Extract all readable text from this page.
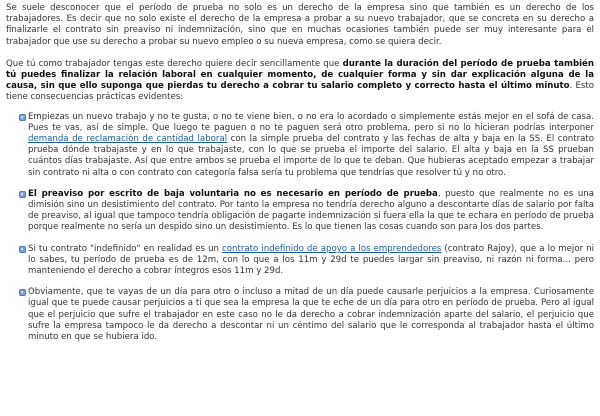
Se suele desconocer que el período de prueba no solo es un derecho de la empresa sino que también es un derecho de los trabajadores. Es decir que no solo existe el derecho de la empresa a probar a su nuevo trabajador, que se concreta en su derecho a finalizarle el contrato sin preaviso ni indemnización, sino que en muchas ocasiones también puede ser muy interesante para el trabajador que use su derecho a probar su nuevo empleo o su nueva empresa, como se quiera decir.

Que tú como trabajador tengas este derecho quiere decir sencillamente que durante la duración del período de prueba también tú puedes finalizar la relación laboral en cualquier momento, de cualquier forma y sin dar explicación alguna de la causa, sin que ello suponga que pierdas tu derecho a cobrar tu salario completo y correcto hasta el último minuto. Esto tiene consecuencias prácticas evidentes:

Empiezas un nuevo trabajo y no te gusta, o no te viene bien, o no era lo acordado o simplemente estás mejor en el sofá de casa. Pues te vas, así de simple. Que luego te paguen o no te paguen será otro problema, pero si no lo hicieran podrías interponer demanda de reclamación de cantidad laboral con la simple prueba del contrato y las fechas de alta y baja en la SS. El contrato prueba dónde trabajaste y en lo que trabajaste, con lo que se prueba el importe del salario. El alta y baja en la SS prueban cuántos días trabajaste. Así que entre ambos se prueba el importe de lo que te deban. Que hubieras aceptado empezar a trabajar sin contrato ni alta o con contrato con categoría falsa sería tu problema que tendrías que resolver tú y no otro.
El preaviso por escrito de baja voluntaria no es necesario en período de prueba, puesto que realmente no es una dimisión sino un desistimiento del contrato. Por tanto la empresa no tendría derecho alguno a descontarte días de salario por falta de preaviso, al igual que tampoco tendría obligación de pagarte indemnización si fuera ella la que te echara en período de prueba porque realmente no sería un despido sino un desistimiento. Es lo que tienen las cosas cuando son para los dos partes.
Si tu contrato "indefinido" en realidad es un contrato indefinido de apoyo a los emprendedores (contrato Rajoy), que a lo mejor ni lo sabes, tu período de prueba es de 12m, con lo que a los 11m y 29d te puedes largar sin preaviso, ni razón ni forma... pero manteniendo el derecho a cobrar íntegros esos 11m y 29d.
Obviamente, que te vayas de un día para otro o incluso a mitad de un día puede causarle perjuicios a la empresa. Curiosamente igual que te puede causar perjuicios a ti que sea la empresa la que te eche de un día para otro en período de prueba. Pero al igual que el perjuicio que sufre el trabajador en este caso no le da derecho a cobrar indemnización aparte del salario, el perjuicio que sufre la empresa tampoco le da derecho a descontar ni un céntimo del salario que le corresponda al trabajador hasta el último minuto en que se hubiera ido.
